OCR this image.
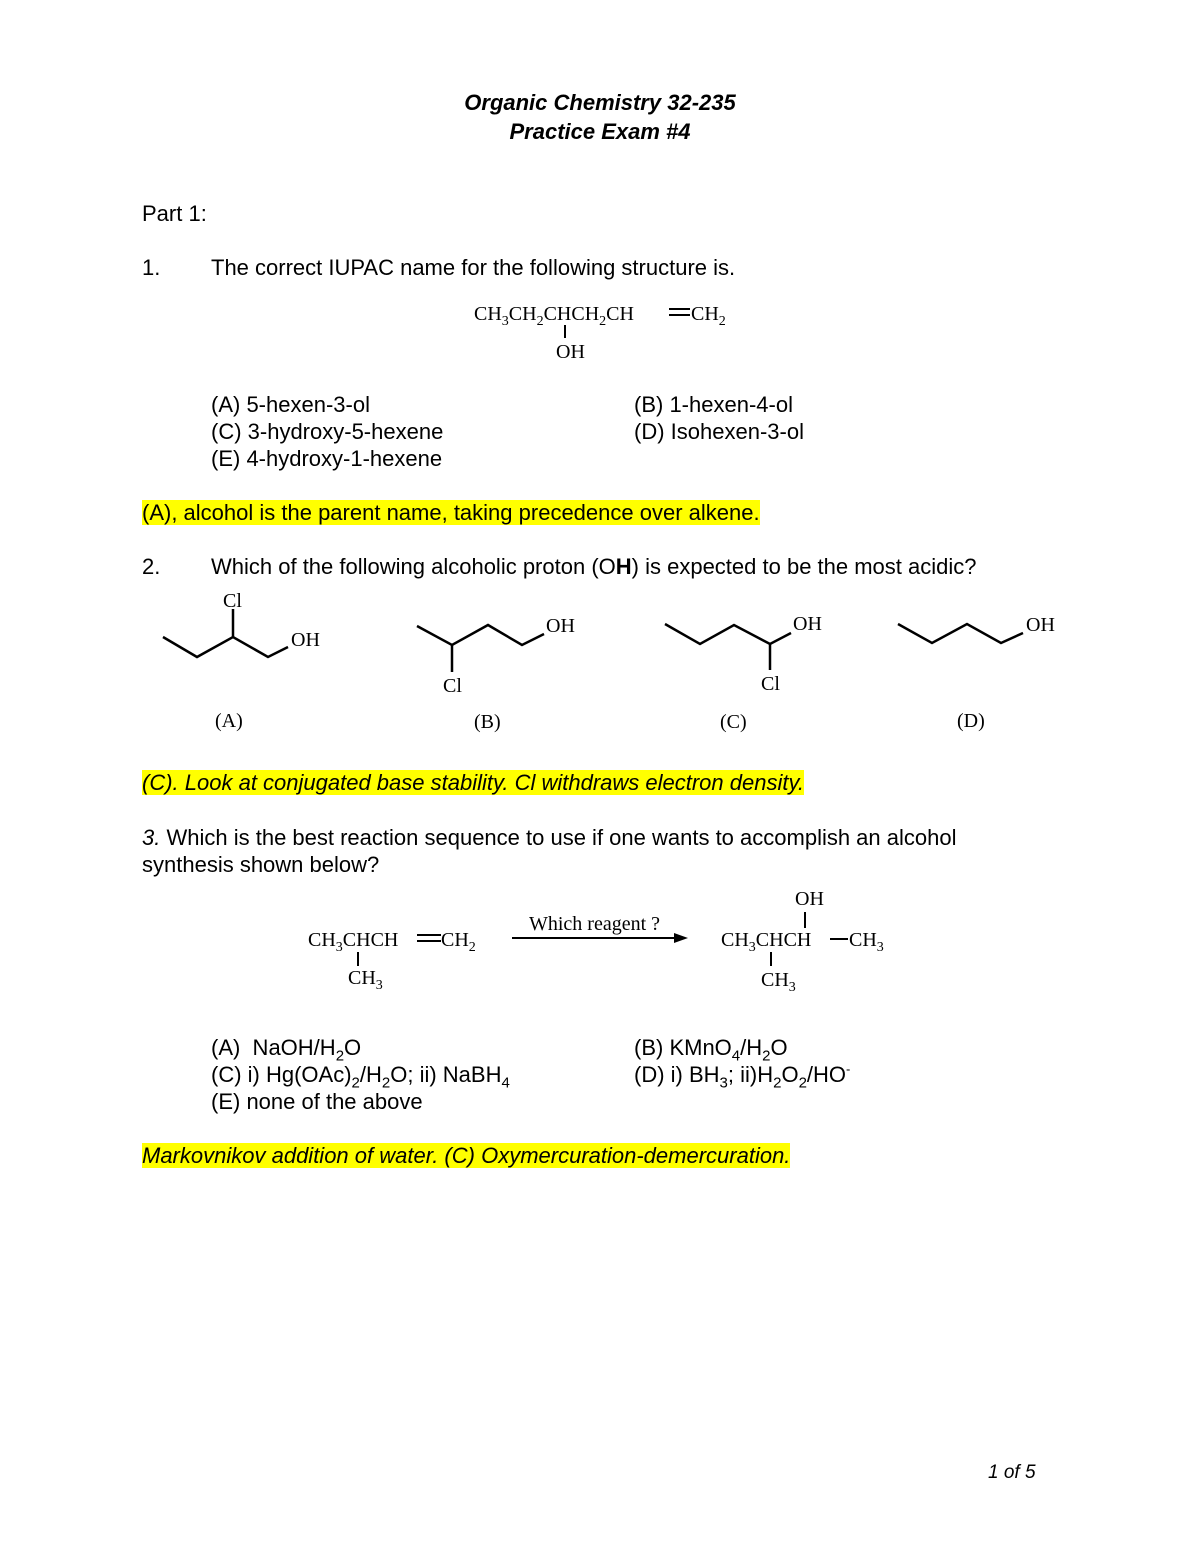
Organic Chemistry 32-235
Practice Exam #4
Part 1:
1. The correct IUPAC name for the following structure is.
$CH_3CH_2CHCH_2CH$	$CH_2$
OH
(A) 5-hexen-3-ol	(B) 1-hexen-4-ol
(C) 3-hydroxy-5-hexene	(D) Isohexen-3-ol
(E) 4-hydroxy-1-hexene
(A), alcohol is the parent name, taking precedence over alkene.
2. Which of the following alcoholic proton (OH) is expected to be the most acidic?
Cl
OH
(A)
Cl
OH
(B)
Cl
OH
(C)
OH
(D)
(C). Look at conjugated base stability. Cl withdraws electron density.
3. Which is the best reaction sequence to use if one wants to accomplish an alcohol
synthesis shown below?
$CH_3CHCH$ $CH_2$
$CH_3$
Which reagent ?
OH
$CH_3CHCH$ $CH_3$
$CH_3$
(A)  NaOH/$H_2O$	(B) $KMnO_4/H_2O$
(C) i) $Hg(OAc)_2/H_2O$; ii) NaBH$_4$	(D) i) $BH_3$; $ii)H_2O_2/HO^-$
(E) none of the above
Markovnikov addition of water. (C) Oxymercuration-demercuration.
1 of 5
